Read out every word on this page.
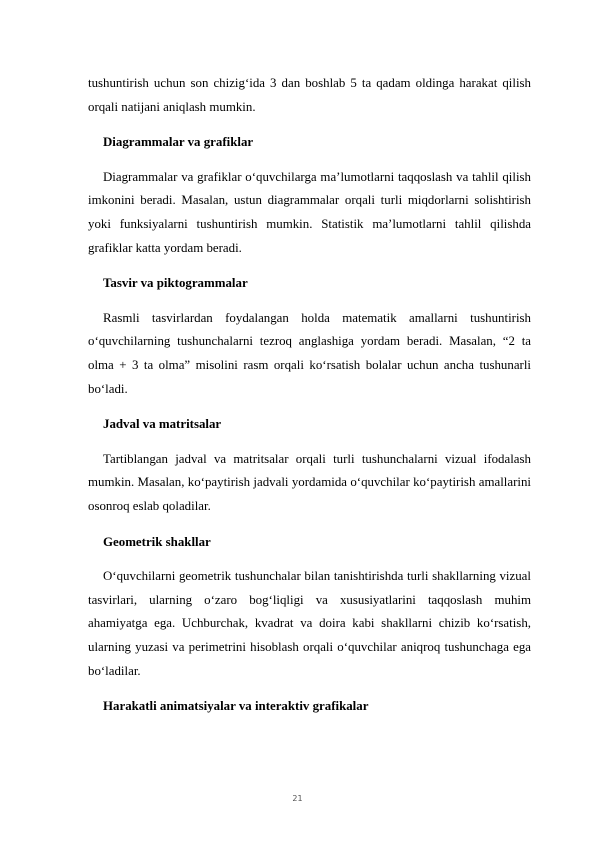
tushuntirish uchun son chizig‘ida 3 dan boshlab 5 ta qadam oldinga harakat qilish orqali natijani aniqlash mumkin.

Diagrammalar va grafiklar

Diagrammalar va grafiklar o‘quvchilarga ma’lumotlarni taqqoslash va tahlil qilish imkonini beradi. Masalan, ustun diagrammalar orqali turli miqdorlarni solishtirish yoki funksiyalarni tushuntirish mumkin. Statistik ma’lumotlarni tahlil qilishda grafiklar katta yordam beradi.

Tasvir va piktogrammalar

Rasmli tasvirlardan foydalangan holda matematik amallarni tushuntirish o‘quvchilarning tushunchalarni tezroq anglashiga yordam beradi. Masalan, “2 ta olma + 3 ta olma” misolini rasm orqali ko‘rsatish bolalar uchun ancha tushunarli bo‘ladi.

Jadval va matritsalar

Tartiblangan jadval va matritsalar orqali turli tushunchalarni vizual ifodalash mumkin. Masalan, ko‘paytirish jadvali yordamida o‘quvchilar ko‘paytirish amallarini osonroq eslab qoladilar.

Geometrik shakllar

O‘quvchilarni geometrik tushunchalar bilan tanishtirishda turli shakllarning vizual tasvirlari, ularning o‘zaro bog‘liqligi va xususiyatlarini taqqoslash muhim ahamiyatga ega. Uchburchak, kvadrat va doira kabi shakllarni chizib ko‘rsatish, ularning yuzasi va perimetrini hisoblash orqali o‘quvchilar aniqroq tushunchaga ega bo‘ladilar.

Harakatli animatsiyalar va interaktiv grafikalar
21
